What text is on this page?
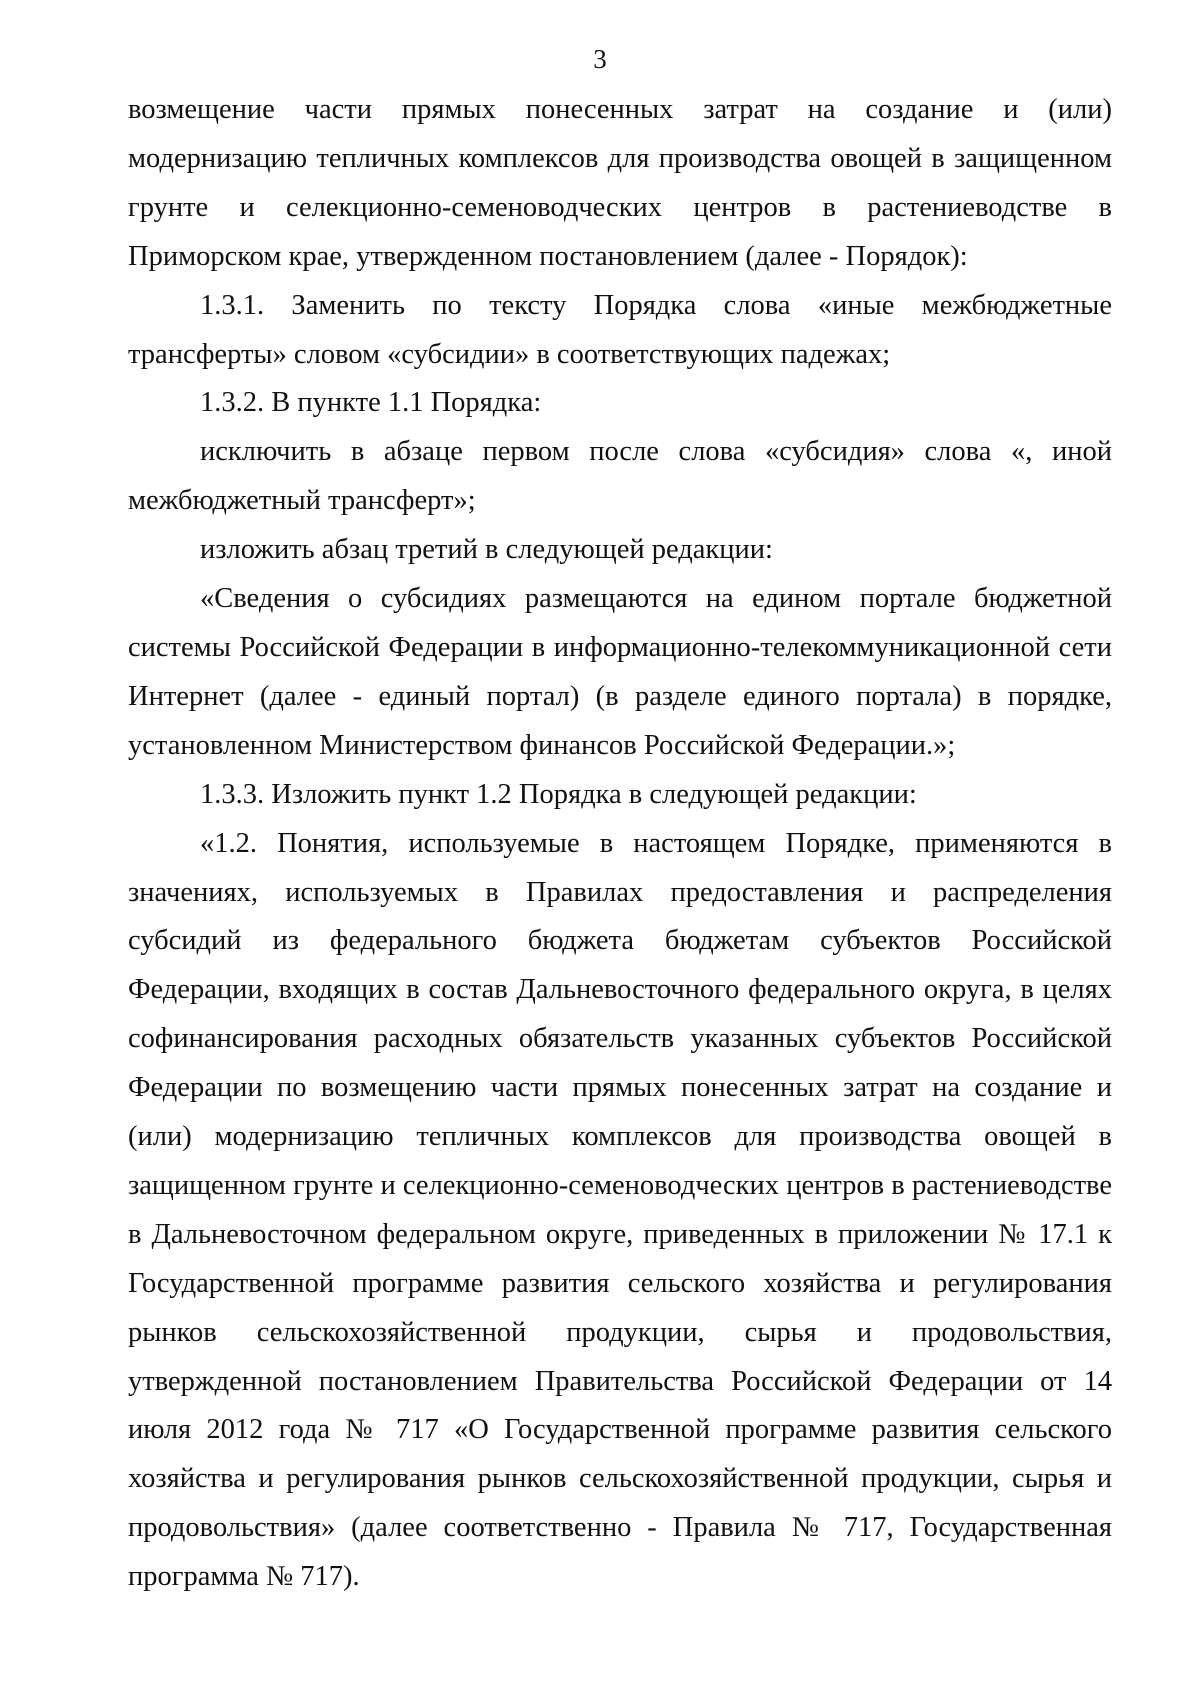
3

возмещение части прямых понесенных затрат на создание и (или) модернизацию тепличных комплексов для производства овощей в защищенном грунте и селекционно-семеноводческих центров в растениеводстве в Приморском крае, утвержденном постановлением (далее - Порядок):

1.3.1. Заменить по тексту Порядка слова «иные межбюджетные трансферты» словом «субсидии» в соответствующих падежах;

1.3.2. В пункте 1.1 Порядка:

исключить в абзаце первом после слова «субсидия» слова «, иной межбюджетный трансферт»;

изложить абзац третий в следующей редакции:

«Сведения о субсидиях размещаются на едином портале бюджетной системы Российской Федерации в информационно-телекоммуникационной сети Интернет (далее - единый портал) (в разделе единого портала) в порядке, установленном Министерством финансов Российской Федерации.»;

1.3.3. Изложить пункт 1.2 Порядка в следующей редакции:

«1.2. Понятия, используемые в настоящем Порядке, применяются в значениях, используемых в Правилах предоставления и распределения субсидий из федерального бюджета бюджетам субъектов Российской Федерации, входящих в состав Дальневосточного федерального округа, в целях софинансирования расходных обязательств указанных субъектов Российской Федерации по возмещению части прямых понесенных затрат на создание и (или) модернизацию тепличных комплексов для производства овощей в защищенном грунте и селекционно-семеноводческих центров в растениеводстве в Дальневосточном федеральном округе, приведенных в приложении № 17.1 к Государственной программе развития сельского хозяйства и регулирования рынков сельскохозяйственной продукции, сырья и продовольствия, утвержденной постановлением Правительства Российской Федерации от 14 июля 2012 года № 717 «О Государственной программе развития сельского хозяйства и регулирования рынков сельскохозяйственной продукции, сырья и продовольствия» (далее соответственно - Правила № 717, Государственная программа № 717).
